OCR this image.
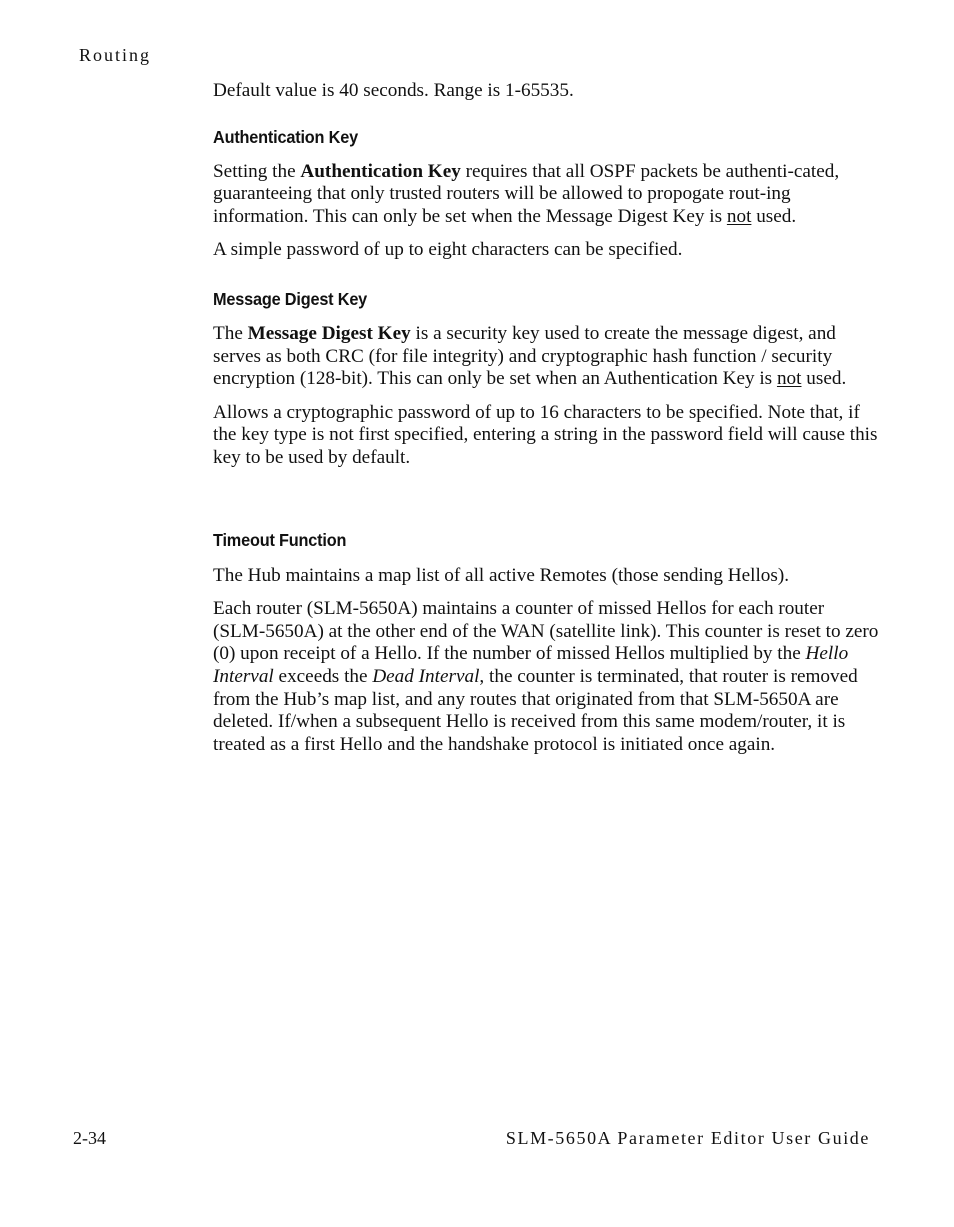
Routing

Default value is 40 seconds. Range is 1-65535.

Authentication Key

Setting the Authentication Key requires that all OSPF packets be authenti-cated, guaranteeing that only trusted routers will be allowed to propogate rout-ing information. This can only be set when the Message Digest Key is not used.

A simple password of up to eight characters can be specified.

Message Digest Key

The Message Digest Key is a security key used to create the message digest, and serves as both CRC (for file integrity) and cryptographic hash function / security encryption (128-bit). This can only be set when an Authentication Key is not used.

Allows a cryptographic password of up to 16 characters to be specified. Note that, if the key type is not first specified, entering a string in the password field will cause this key to be used by default.

Timeout Function

The Hub maintains a map list of all active Remotes (those sending Hellos).

Each router (SLM-5650A) maintains a counter of missed Hellos for each router (SLM-5650A) at the other end of the WAN (satellite link). This counter is reset to zero (0) upon receipt of a Hello. If the number of missed Hellos multiplied by the Hello Interval exceeds the Dead Interval, the counter is terminated, that router is removed from the Hub’s map list, and any routes that originated from that SLM-5650A are deleted. If/when a subsequent Hello is received from this same modem/router, it is treated as a first Hello and the handshake protocol is initiated once again.

2-34	SLM-5650A Parameter Editor User Guide
